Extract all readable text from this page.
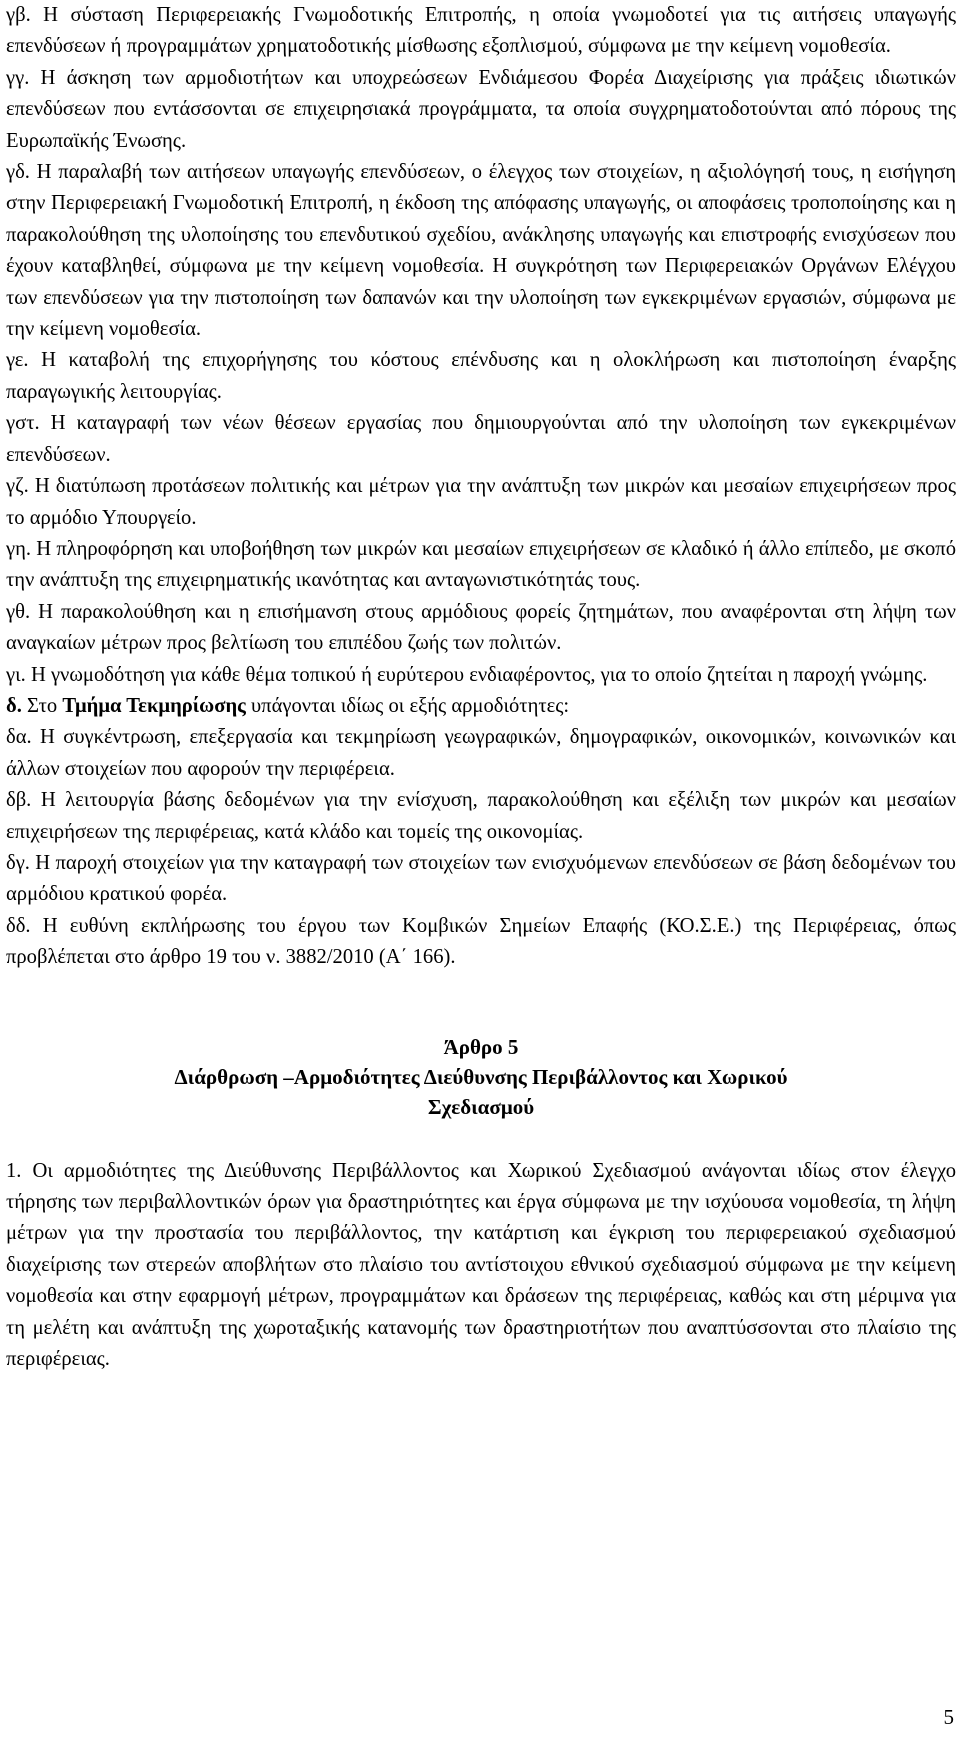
γβ. Η σύσταση Περιφερειακής Γνωμοδοτικής Επιτροπής, η οποία γνωμοδοτεί για τις αιτήσεις υπαγωγής επενδύσεων ή προγραμμάτων χρηματοδοτικής μίσθωσης εξοπλισμού, σύμφωνα με την κείμενη νομοθεσία.

γγ. Η άσκηση των αρμοδιοτήτων και υποχρεώσεων Ενδιάμεσου Φορέα Διαχείρισης για πράξεις ιδιωτικών επενδύσεων που εντάσσονται σε επιχειρησιακά προγράμματα, τα οποία συγχρηματοδοτούνται από πόρους της Ευρωπαϊκής Ένωσης.

γδ. Η παραλαβή των αιτήσεων υπαγωγής επενδύσεων, ο έλεγχος των στοιχείων, η αξιολόγησή τους, η εισήγηση στην Περιφερειακή Γνωμοδοτική Επιτροπή, η έκδοση της απόφασης υπαγωγής, οι αποφάσεις τροποποίησης και η παρακολούθηση της υλοποίησης του επενδυτικού σχεδίου, ανάκλησης υπαγωγής και επιστροφής ενισχύσεων που έχουν καταβληθεί, σύμφωνα με την κείμενη νομοθεσία. Η συγκρότηση των Περιφερειακών Οργάνων Ελέγχου των επενδύσεων για την πιστοποίηση των δαπανών και την υλοποίηση των εγκεκριμένων εργασιών, σύμφωνα με την κείμενη νομοθεσία.

γε. Η καταβολή της επιχορήγησης του κόστους επένδυσης και η ολοκλήρωση και πιστοποίηση έναρξης παραγωγικής λειτουργίας.

γστ. Η καταγραφή των νέων θέσεων εργασίας που δημιουργούνται από την υλοποίηση των εγκεκριμένων επενδύσεων.

γζ. Η διατύπωση προτάσεων πολιτικής και μέτρων για την ανάπτυξη των μικρών και μεσαίων επιχειρήσεων προς το αρμόδιο Υπουργείο.

γη. Η πληροφόρηση και υποβοήθηση των μικρών και μεσαίων επιχειρήσεων σε κλαδικό ή άλλο επίπεδο, με σκοπό την ανάπτυξη της επιχειρηματικής ικανότητας και ανταγωνιστικότητάς τους.

γθ. Η παρακολούθηση και η επισήμανση στους αρμόδιους φορείς ζητημάτων, που αναφέρονται στη λήψη των αναγκαίων μέτρων προς βελτίωση του επιπέδου ζωής των πολιτών.

γι. Η γνωμοδότηση για κάθε θέμα τοπικού ή ευρύτερου ενδιαφέροντος, για το οποίο ζητείται η παροχή γνώμης.

δ. Στο Τμήμα Τεκμηρίωσης υπάγονται ιδίως οι εξής αρμοδιότητες:

δα. Η συγκέντρωση, επεξεργασία και τεκμηρίωση γεωγραφικών, δημογραφικών, οικονομικών, κοινωνικών και άλλων στοιχείων που αφορούν την περιφέρεια.

δβ. Η λειτουργία βάσης δεδομένων για την ενίσχυση, παρακολούθηση και εξέλιξη των μικρών και μεσαίων επιχειρήσεων της περιφέρειας, κατά κλάδο και τομείς της οικονομίας.

δγ. Η παροχή στοιχείων για την καταγραφή των στοιχείων των ενισχυόμενων επενδύσεων σε βάση δεδομένων του αρμόδιου κρατικού φορέα.

δδ. Η ευθύνη εκπλήρωσης του έργου των Κομβικών Σημείων Επαφής (ΚΟ.Σ.Ε.) της Περιφέρειας, όπως προβλέπεται στο άρθρο 19 του ν. 3882/2010 (Α΄ 166).

Άρθρο 5

Διάρθρωση –Αρμοδιότητες Διεύθυνσης Περιβάλλοντος και Χωρικού

Σχεδιασμού

1. Οι αρμοδιότητες της Διεύθυνσης Περιβάλλοντος και Χωρικού Σχεδιασμού ανάγονται ιδίως στον έλεγχο τήρησης των περιβαλλοντικών όρων για δραστηριότητες και έργα σύμφωνα με την ισχύουσα νομοθεσία, τη λήψη μέτρων για την προστασία του περιβάλλοντος, την κατάρτιση και έγκριση του περιφερειακού σχεδιασμού διαχείρισης των στερεών αποβλήτων στο πλαίσιο του αντίστοιχου εθνικού σχεδιασμού σύμφωνα με την κείμενη νομοθεσία και στην εφαρμογή μέτρων, προγραμμάτων και δράσεων της περιφέρειας, καθώς και στη μέριμνα για τη μελέτη και ανάπτυξη της χωροταξικής κατανομής των δραστηριοτήτων που αναπτύσσονται στο πλαίσιο της περιφέρειας.

5
